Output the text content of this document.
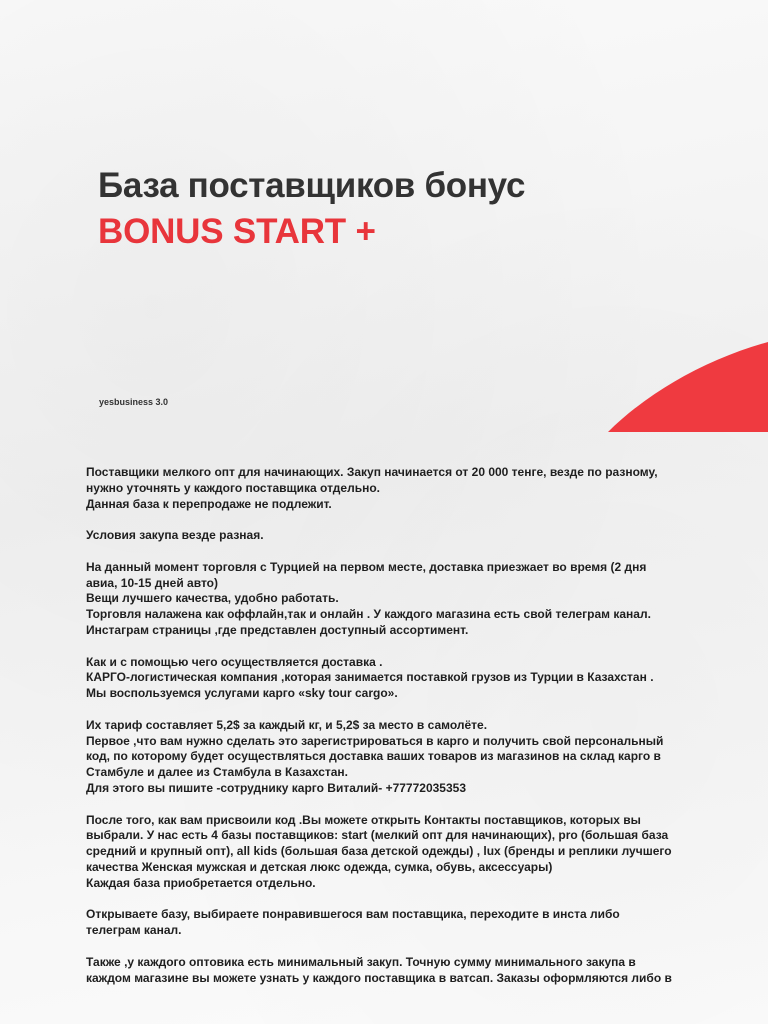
База поставщиков бонус
BONUS START +
yesbusiness 3.0

Поставщики мелкого опт для начинающих. Закуп начинается от 20 000 тенге, везде по разному,
нужно уточнять у каждого поставщика отдельно.
Данная база к перепродаже не подлежит.

Условия закупа везде разная.

На данный момент торговля с Турцией на первом месте, доставка приезжает во время (2 дня
авиа, 10-15 дней авто)
Вещи лучшего качества, удобно работать.
Торговля налажена как оффлайн,так и онлайн . У каждого магазина есть свой телеграм канал.
Инстаграм страницы ,где представлен доступный ассортимент.

Как и с помощью чего осуществляется доставка .
КАРГО-логистическая компания ,которая занимается поставкой грузов из Турции в Казахстан .
Мы воспользуемся услугами карго «sky tour cargo».

Их тариф составляет 5,2$ за каждый кг, и 5,2$ за место в самолёте.
Первое ,что вам нужно сделать это зарегистрироваться в карго и получить свой персональный
код, по которому будет осуществляться доставка ваших товаров из магазинов на склад карго в
Стамбуле и далее из Стамбула в Казахстан.
Для этого вы пишите -сотруднику карго Виталий- +77772035353

После того, как вам присвоили код .Вы можете открыть Контакты поставщиков, которых вы
выбрали. У нас есть 4 базы поставщиков: start (мелкий опт для начинающих), pro (большая база
средний и крупный опт), all kids (большая база детской одежды) , lux (бренды и реплики лучшего
качества Женская мужская и детская люкс одежда, сумка, обувь, аксессуары)
Каждая база приобретается отдельно.

Открываете базу, выбираете понравившегося вам поставщика, переходите в инста либо
телеграм канал.

Также ,у каждого оптовика есть минимальный закуп. Точную сумму минимального закупа в
каждом магазине вы можете узнать у каждого поставщика в ватсап. Заказы оформляются либо в
